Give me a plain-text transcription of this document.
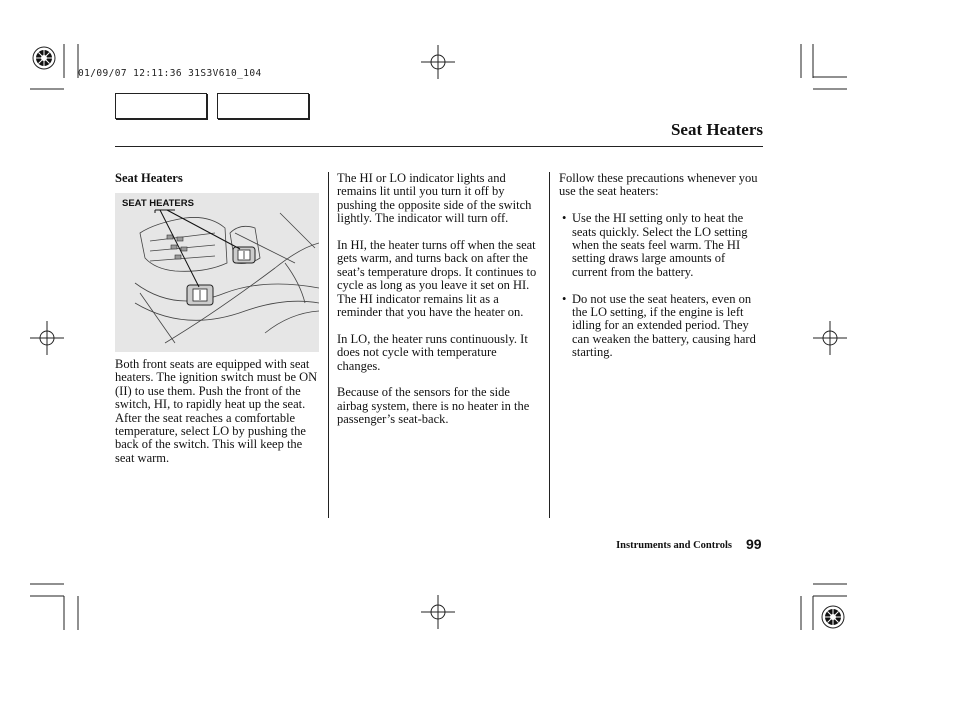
01/09/07 12:11:36 31S3V610_104
Seat Heaters
Seat Heaters
SEAT HEATERS

Both front seats are equipped with seat heaters. The ignition switch must be ON (II) to use them. Push the front of the switch, HI, to rapidly heat up the seat. After the seat reaches a comfortable temperature, select LO by pushing the back of the switch. This will keep the seat warm.

The HI or LO indicator lights and remains lit until you turn it off by pushing the opposite side of the switch lightly. The indicator will turn off.

In HI, the heater turns off when the seat gets warm, and turns back on after the seat’s temperature drops. It continues to cycle as long as you leave it set on HI. The HI indicator remains lit as a reminder that you have the heater on.

In LO, the heater runs continuously. It does not cycle with temperature changes.

Because of the sensors for the side airbag system, there is no heater in the passenger’s seat-back.

Follow these precautions whenever you use the seat heaters:

• Use the HI setting only to heat the seats quickly. Select the LO setting when the seats feel warm. The HI setting draws large amounts of current from the battery.
• Do not use the seat heaters, even on the LO setting, if the engine is left idling for an extended period. They can weaken the battery, causing hard starting.
Instruments and Controls 99
